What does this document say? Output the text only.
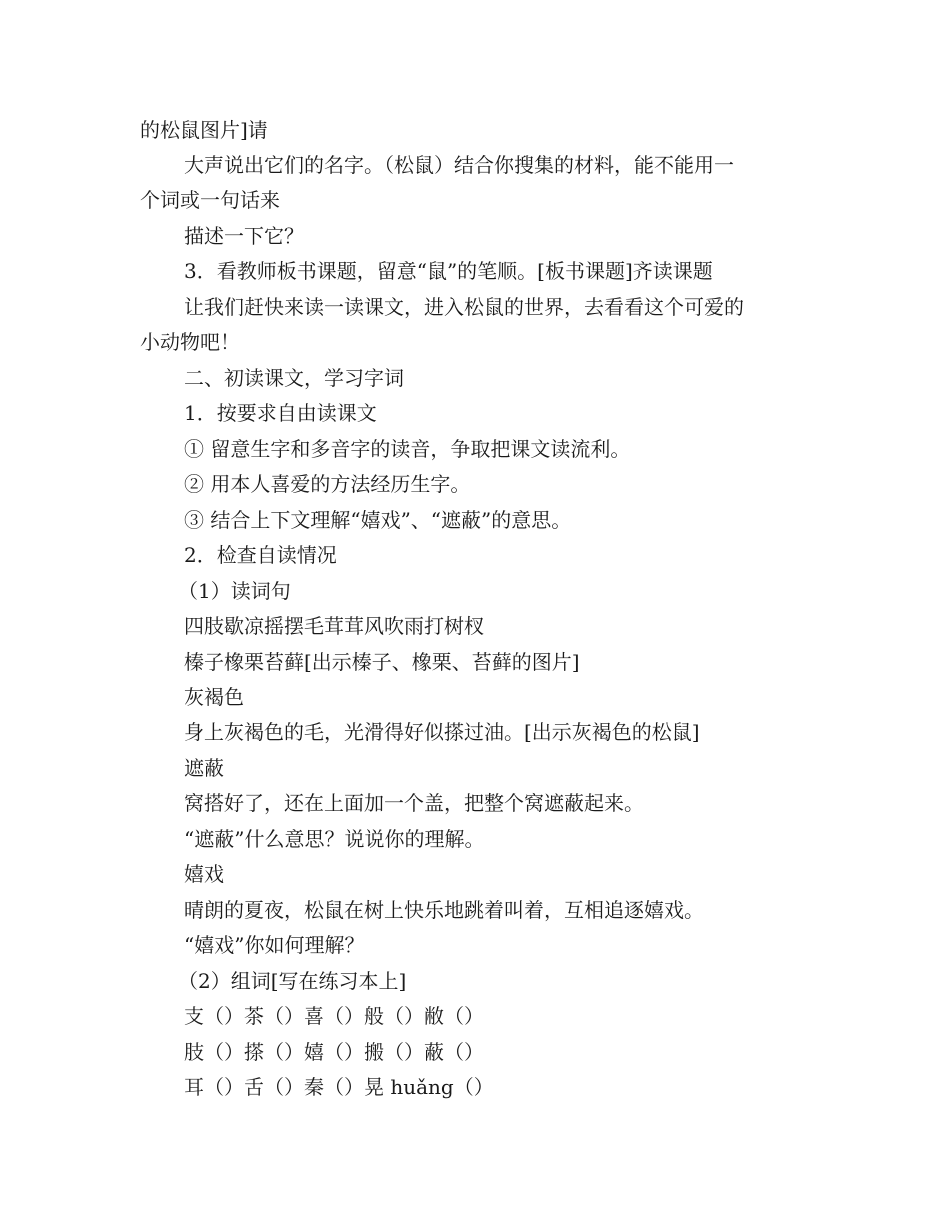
的松鼠图片]请
大声说出它们的名字。（松鼠）结合你搜集的材料，能不能用一
个词或一句话来
描述一下它？
3．看教师板书课题，留意“鼠”的笔顺。[板书课题]齐读课题
让我们赶快来读一读课文，进入松鼠的世界，去看看这个可爱的
小动物吧！
二、初读课文，学习字词
1．按要求自由读课文
① 留意生字和多音字的读音，争取把课文读流利。
② 用本人喜爱的方法经历生字。
③ 结合上下文理解“嬉戏”、“遮蔽”的意思。
2．检查自读情况
（1）读词句
四肢歇凉摇摆毛茸茸风吹雨打树杈
榛子橡栗苔藓[出示榛子、橡栗、苔藓的图片]
灰褐色
身上灰褐色的毛，光滑得好似搽过油。[出示灰褐色的松鼠]
遮蔽
窝搭好了，还在上面加一个盖，把整个窝遮蔽起来。
“遮蔽”什么意思？说说你的理解。
嬉戏
晴朗的夏夜，松鼠在树上快乐地跳着叫着，互相追逐嬉戏。
“嬉戏”你如何理解？
（2）组词[写在练习本上]
支（）茶（）喜（）般（）敝（）
肢（）搽（）嬉（）搬（）蔽（）
耳（）舌（）秦（）晃 huǎng（）
